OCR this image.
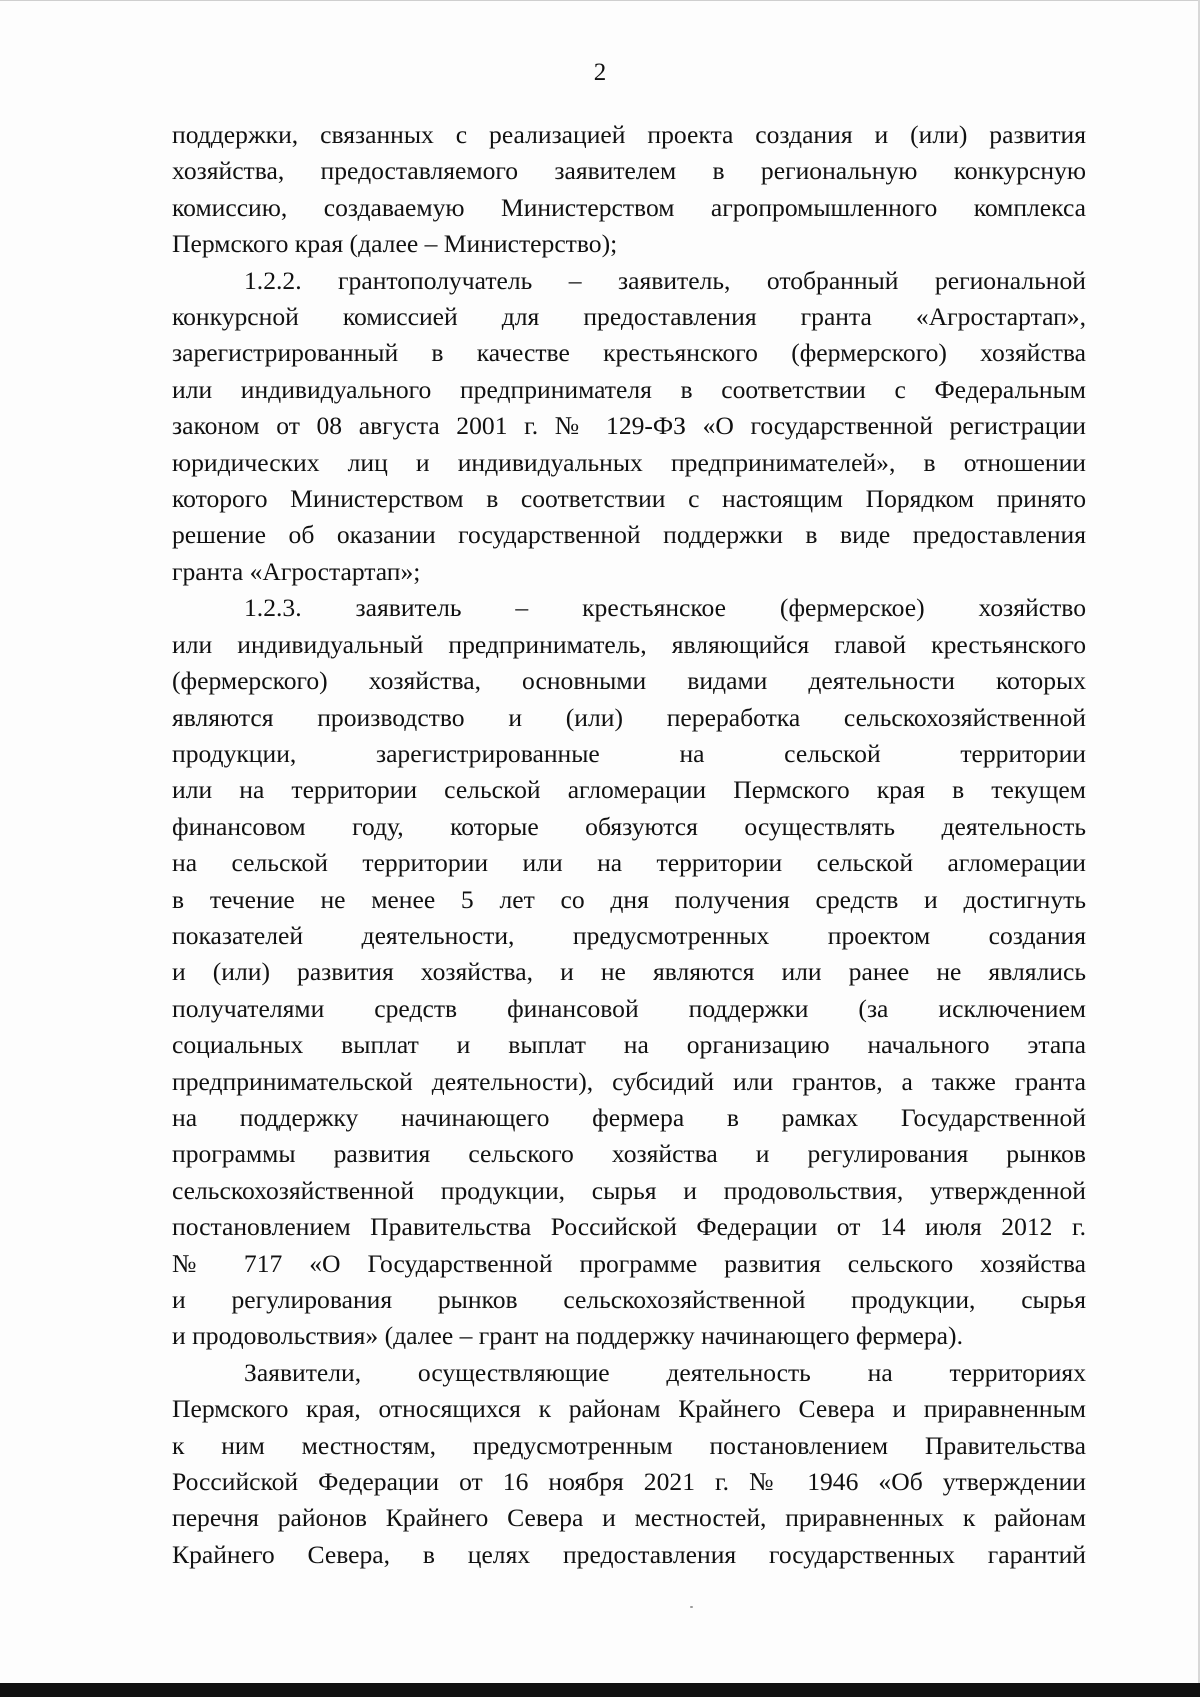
2
поддержки, связанных с реализацией проекта создания и (или) развития
хозяйства, предоставляемого заявителем в региональную конкурсную
комиссию, создаваемую Министерством агропромышленного комплекса
Пермского края (далее – Министерство);
1.2.2. грантополучатель – заявитель, отобранный региональной
конкурсной комиссией для предоставления гранта «Агростартап»,
зарегистрированный в качестве крестьянского (фермерского) хозяйства
или индивидуального предпринимателя в соответствии с Федеральным
законом от 08 августа 2001 г. № 129-ФЗ «О государственной регистрации
юридических лиц и индивидуальных предпринимателей», в отношении
которого Министерством в соответствии с настоящим Порядком принято
решение об оказании государственной поддержки в виде предоставления
гранта «Агростартап»;
1.2.3. заявитель – крестьянское (фермерское) хозяйство
или индивидуальный предприниматель, являющийся главой крестьянского
(фермерского) хозяйства, основными видами деятельности которых
являются производство и (или) переработка сельскохозяйственной
продукции, зарегистрированные на сельской территории
или на территории сельской агломерации Пермского края в текущем
финансовом году, которые обязуются осуществлять деятельность
на сельской территории или на территории сельской агломерации
в течение не менее 5 лет со дня получения средств и достигнуть
показателей деятельности, предусмотренных проектом создания
и (или) развития хозяйства, и не являются или ранее не являлись
получателями средств финансовой поддержки (за исключением
социальных выплат и выплат на организацию начального этапа
предпринимательской деятельности), субсидий или грантов, а также гранта
на поддержку начинающего фермера в рамках Государственной
программы развития сельского хозяйства и регулирования рынков
сельскохозяйственной продукции, сырья и продовольствия, утвержденной
постановлением Правительства Российской Федерации от 14 июля 2012 г.
№ 717 «О Государственной программе развития сельского хозяйства
и регулирования рынков сельскохозяйственной продукции, сырья
и продовольствия» (далее – грант на поддержку начинающего фермера).
Заявители, осуществляющие деятельность на территориях
Пермского края, относящихся к районам Крайнего Севера и приравненным
к ним местностям, предусмотренным постановлением Правительства
Российской Федерации от 16 ноября 2021 г. № 1946 «Об утверждении
перечня районов Крайнего Севера и местностей, приравненных к районам
Крайнего Севера, в целях предоставления государственных гарантий
